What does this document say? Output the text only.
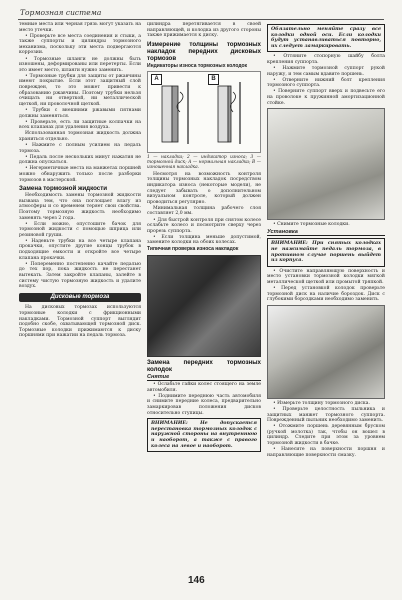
Тормозная система

темные места или черная грязь могут указать на место утечки.

• Проверьте все места соединения и стыки, а также суппорты и цилиндры тормозного механизма, поскольку эти места подвергаются коррозии.

• Тормозные шланги не должны быть изношены, деформированы или перетерты. Если это имеет место, шланги нужно заменить.

• Тормозные трубки для защиты от ржавчины имеют покрытие. Если этот защитный слой поврежден, то это может привести к образованию ржавчины. Поэтому трубки нельзя очищать ни отверткой, ни металлической щеткой, ни проволочной щеткой.

• Трубки с внешними ржавыми пятнами должны заменяться.

• Проверьте, есть ли защитные колпачки на всех клапанах для удаления воздуха.

Использованная тормозная жидкость должна храниться отдельно.

• Нажмите с полным усилием на педаль тормоза.

• Педаль после нескольких минут нажатия не должна опускаться.

• Негерметичные места на манжетах поршней можно обнаружить только после разборки тормозов в мастерской.

Замена тормозной жидкости

Необходимость замены тормозной жидкости вызвана тем, что она поглощает влагу из атмосферы и со временем теряет свои свойства. Поэтому тормозную жидкость необходимо заменять через 2 года.

• Если можно, опустошите бачок для тормозной жидкости с помощью шприца или резиновой груши.

• Наденьте трубки на все четыре клапана прокачки, опустите другие концы трубок в подходящие емкости и откройте все четыре клапана прокачки.

• Попеременно постепенно качайте педалью до тех пор, пока жидкость не перестанет вытекать. Затем закройте клапаны, залейте в систему чистую тормозную жидкость и удалите воздух.

Дисковые тормоза

На дисковых тормозах используются тормозные колодки с фрикционными накладками. Тормозной суппорт выглядит подобно скобе, охватывающей тормозной диск. Тормозные колодки прижимаются к диску поршнями при нажатии на педаль тормоза.

цилиндра перетягивается в своей направляющей, и колодка из другого стороны также прижимается к диску.

Измерение толщины тормозных накладок передних дисковых тормозов
Индикаторы износа тормозных колодок
А	В
1 — накладка; 2 — индикатор износа; 3 — тормозной диск; А — нормальная накладка; В — изношенная накладка.

Несмотря на возможность контроля толщины тормозных накладок посредством индикатора износа (некоторые модели), не следует забывать о дополнительном визуальном контроле, который должен проводиться регулярно.

Минимальная толщина рабочего слоя составляет 2,0 мм.

• Для быстрой контроля при снятом колесе ослабьте колесо и посмотрите сверху через прорезь суппорта.

• Если толщина меньше допустимой, замените колодки на обоих колесах.

Типичная проверка износа накладок
Замена передних тормозных колодок
Снятие

• Ослабьте гайки колес стоящего на земле автомобиля.

• Поднимите переднюю часть автомобиля и снимите передние колеса, предварительно замаркировав положения дисков относительно ступицы.

ВНИМАНИЕ: Не допускается перестановка тормозных колодок с наружной стороны на внутреннюю и наоборот, а также с правого колеса на левое и наоборот.
Обязательно меняйте сразу все колодки одной оси. Если колодки будут устанавливаться повторно, их следует замаркировать.

• Оттяните стопорную шайбу болта крепления суппорта.

• Нажмите тормозной суппорт рукой наружу, и тем самым вдавите поршень.

• Отверните нижний болт крепления тормозного суппорта.

• Поверните суппорт вверх и подвесьте его на проволоке к пружинной амортизационной стойке.

• Снимите тормозные колодки.

Установка
ВНИМАНИЕ: При снятых колодках не нажимайте педаль тормоза, в противном случае поршень выйдет из корпуса.

• Очистите направляющую поверхность и место установки тормозной колодки мягкой металлической щеткой или промытой тряпкой.

• Перед установкой колодок проверьте тормозной диск на наличие бороздок. Диск с глубокими бороздками необходимо заменить.

• Измерьте толщину тормозного диска.

• Проверьте целостность пыльника и защитных манжет тормозного суппорта. Поврежденный пыльник необходимо заменить.

• Отожмите поршень деревянным бруском (ручкой молотка) так, чтобы он вошел в цилиндр. Следите при этом за уровнем тормозной жидкости в бачке.

• Нанесите на поверхности поршня и направляющие поверхности смазку.

146
